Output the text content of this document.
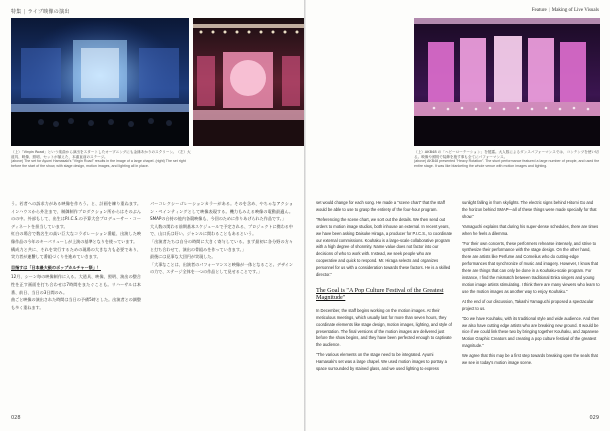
特集 | ライブ映像の演出
（上）「Virgin Road」という楽曲から演出をスタートしたオープニングにも金縁あかりのスクリーン。（左）大道具、映像、照明、セットが揃えた、本番直前のステージ。
(above) The set for Ayumi Hamasaki's "Virgin Road" results in the image of a large chapel. (right) The set right before the start of the show, with stage design, motion images, and lighting all in place.

う。若者への訴求力がある映像を作ろう。と、計画を練り重ねます。インハウスから外注まで、制御制作プロダクション所からはそのぶんのの中。外部もして、出生はP.I.C.S.の予算大会プロデューサー・コーディネートを担当しています。

紅白の場合で数名生の高い巨大なコラボレーション番組、出演した映像作品の今年のキーパリューしが上演の基準となりを使っています。

構成力と共に、それを実行するための現場の大きな力も必要であり、実力者が連繋して番組づくりを進めていきます。

目指すは「日本最大級のポップカルチャー祭」！

12月、シーン毎の映像制作に入る。大道具、映像、照明、演出の整合性を正す画面を打ち合わせは7時間をまたぐことも。リハーサルは本番、前日、当日の3日間のみ。

曲ごと映像の演出された時間は当日の予備5時とした。出演者との調整も多く重ねます。

パーコレクシーゴレーションカラーがある。そのを含め、やちゃなアクション・ペインティングとして映像表現する。機力もみえる映像の電動最適ん。SMAPの台持の他内各競映像も、今回のために作りあげられた作品です。」

大人数の関わる前期基本スケジュールで予定される、プロジェクトに携わる中で、山口氏は好い。ジャンルに関わることもあるという。

「出演者たちは自分の時間に大きく寄与している。まず最初に各分野の方々と打ち合わせて、演出の骨組みを作っていきます。」

最後には見事な大団円が実現した。

「大事なことは、出演者のパフォーマンスと映像が一体となること。デザインの力で、ステージ全体を一つの作品として見せることです。」

028
Feature | Making of Live Visuals
（上）AKB48 の「ヘビーローテーション」を披露。大人数によるダンスパフォーマンスでは、コンテンツを使い切る。映像や照明で装飾を施す事も全てにパフォーマンス。
(above) AKB48 presented "Heavy Rotation". The stunt performance featured a large number of people, and used the entire stage. It was like blanketing the whole venue with motion images and lighting.

set would change for each song. He made a "scene chart" that the staff would be able to use to grasp the entirety of the four-hour program.

"Referencing the scene chart, we sort out the details. We then send out orders to motion image studios, both inhouse an external. In recent years, we have been asking Daisuke Hiraga, a producer for P.I.C.S., to coordinate our external commissions. Kouhaku is a large-scale collaborative program with a high degree of shonmity. Name value does not factor into our decisions of who to work with. Instead, we seek people who are cooperative and quick to respond. Mr. Hiraga selects and organizes personnel for us with a consideration towards these factors. He is a skilled director."

The Goal is "A Pop Culture Festival of the Greatest Magnitude"

In December, the staff begins working on the motion images. At their meticulous meetings, which usually last for more than seven hours, they coordinate elements like stage design, motion images, lighting, and style of presentation. The final versions of the motion images are delivered just before the show begins, and they have been perfected enough to captivate the audience.

"The various elements on the stage need to be integrated. Ayumi Hamasaki's set was a large chapel. We used motion images to portray a space surrounded by stained glass, and we used lighting to express

sunlight falling in from skylights. The electric signs behind Hitomi Go and the horizon behind SMAP—all of these things were made specially for that show."

Yamaguchi explains that during his super-dense schedules, there are times when he feels a dilemma.

"For their own concerts, these performers rehearse intensely, and strive to synthesize their performance with the stage design. On the other hand, there are artists like Perfume and Cornelius who do cutting-edge performances that synchronize of music and imagery. However, I know that there are things that can only be done in a Kouhaku-scale program. For instance, I find the mismatch between traditional Enka singers and young motion image artists stimulating. I think there are many viewers who learn to use the motion images as another way to enjoy Kouhaku."

At the end of our discussion, Takashi Yamaguchi proposed a spectacular project to us.

"Do we have Kouhaku, with its traditional style and wide audience. And then we also have cutting edge artists who are breaking new ground. It would be nice if we could link these two by bringing together Kouhaku, and Japanese Motion Graphic Creators and creating a pop culture festival of the greatest magnitude."

We agree that this may be a first step towards breaking open the seals that we see in today's motion image scene.

029
